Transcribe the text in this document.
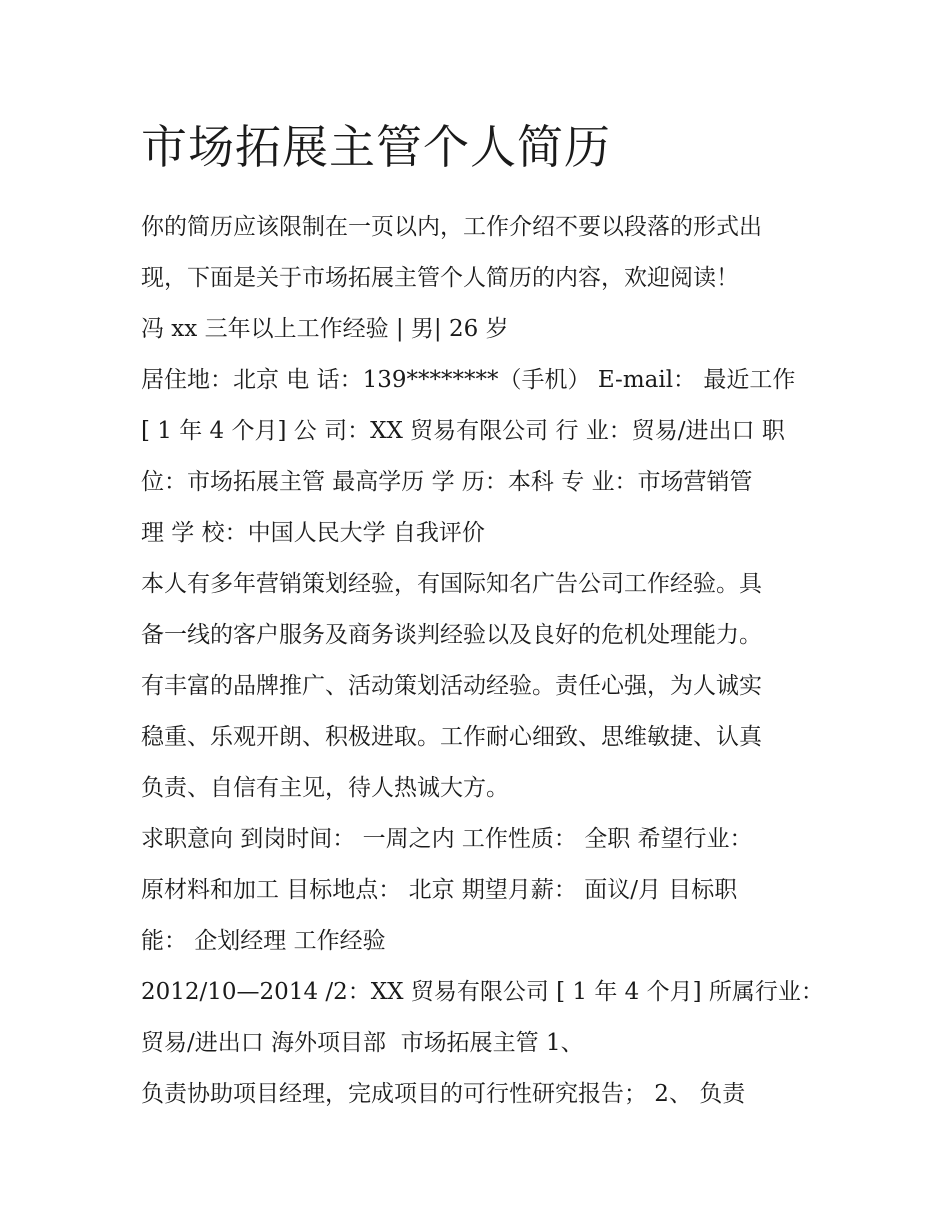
市场拓展主管个人简历

你的简历应该限制在一页以内，工作介绍不要以段落的形式出

现，下面是关于市场拓展主管个人简历的内容，欢迎阅读！

冯 xx 三年以上工作经验 | 男| 26 岁

居住地：北京 电 话：139********（手机） E-mail： 最近工作

[ 1 年 4 个月] 公 司：XX 贸易有限公司 行 业：贸易/进出口 职

位：市场拓展主管 最高学历 学 历：本科 专 业：市场营销管

理 学 校：中国人民大学 自我评价

本人有多年营销策划经验，有国际知名广告公司工作经验。具

备一线的客户服务及商务谈判经验以及良好的危机处理能力。

有丰富的品牌推广、活动策划活动经验。责任心强，为人诚实

稳重、乐观开朗、积极进取。工作耐心细致、思维敏捷、认真

负责、自信有主见，待人热诚大方。

求职意向 到岗时间： 一周之内 工作性质： 全职 希望行业：

原材料和加工 目标地点： 北京 期望月薪： 面议/月 目标职

能： 企划经理 工作经验

2012/10—2014 /2：XX 贸易有限公司 [ 1 年 4 个月] 所属行业：

贸易/进出口 海外项目部  市场拓展主管 1、

负责协助项目经理，完成项目的可行性研究报告； 2、 负责
